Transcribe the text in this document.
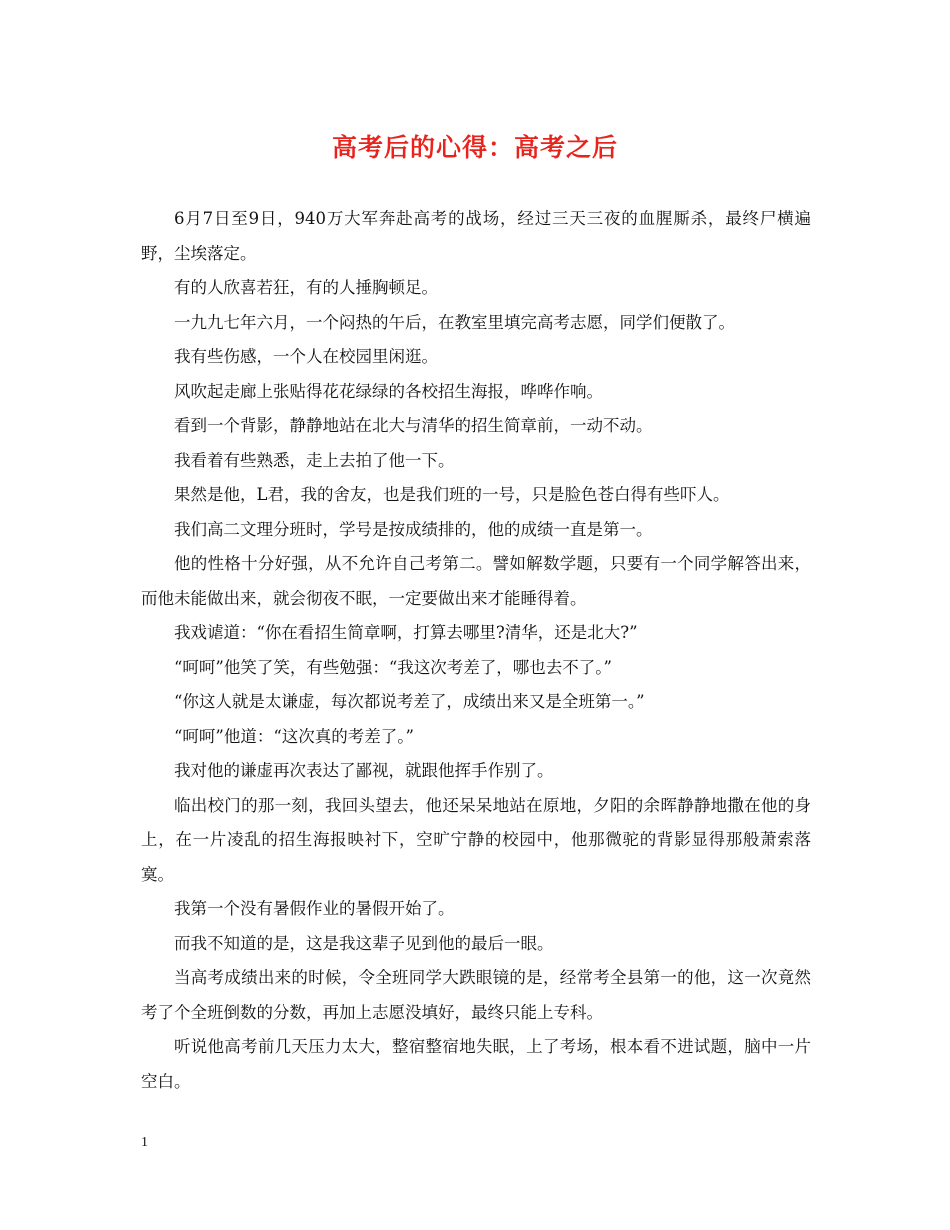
高考后的心得：高考之后

6月7日至9日，940万大军奔赴高考的战场，经过三天三夜的血腥厮杀，最终尸横遍野，尘埃落定。

有的人欣喜若狂，有的人捶胸顿足。

一九九七年六月，一个闷热的午后，在教室里填完高考志愿，同学们便散了。

我有些伤感，一个人在校园里闲逛。

风吹起走廊上张贴得花花绿绿的各校招生海报，哗哗作响。

看到一个背影，静静地站在北大与清华的招生简章前，一动不动。

我看着有些熟悉，走上去拍了他一下。

果然是他，L君，我的舍友，也是我们班的一号，只是脸色苍白得有些吓人。

我们高二文理分班时，学号是按成绩排的，他的成绩一直是第一。

他的性格十分好强，从不允许自己考第二。譬如解数学题，只要有一个同学解答出来，而他未能做出来，就会彻夜不眠，一定要做出来才能睡得着。

我戏谑道：“你在看招生简章啊，打算去哪里?清华，还是北大?”

“呵呵”他笑了笑，有些勉强：“我这次考差了，哪也去不了。”

“你这人就是太谦虚，每次都说考差了，成绩出来又是全班第一。”

“呵呵”他道：“这次真的考差了。”

我对他的谦虚再次表达了鄙视，就跟他挥手作别了。

临出校门的那一刻，我回头望去，他还呆呆地站在原地，夕阳的余晖静静地撒在他的身上，在一片凌乱的招生海报映衬下，空旷宁静的校园中，他那微驼的背影显得那般萧索落寞。

我第一个没有暑假作业的暑假开始了。

而我不知道的是，这是我这辈子见到他的最后一眼。

当高考成绩出来的时候，令全班同学大跌眼镜的是，经常考全县第一的他，这一次竟然考了个全班倒数的分数，再加上志愿没填好，最终只能上专科。

听说他高考前几天压力太大，整宿整宿地失眠，上了考场，根本看不进试题，脑中一片空白。

1
